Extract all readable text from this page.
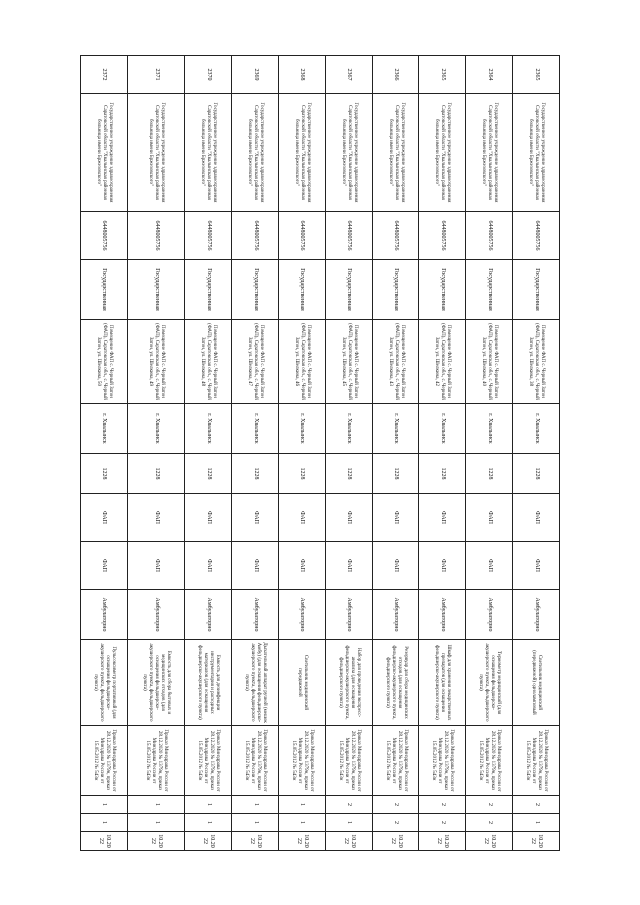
2365	Государственное учреждение здравоохранения Саратовской области "Хвалынская районная больница имени Бржезовского"	6448005756	Государственная	Помещение ФАП с. Черный Затон (ФАП), Саратовская обл., с. Черный Затон, ул. Шелкина, 38	г. Хвалынск	1228	ФАП	ФАП	Амбулаторно	Светильник медицинский (передвижной) одноламповый	Приказ Минздрава России от 28.12.2020 № 1379н, приказ Минздрава России от 15.05.2012 № 543н	2	1	10.2022
2364	Государственное учреждение здравоохранения Саратовской области "Хвалынская районная больница имени Бржезовского"	6448005756	Государственная	Помещение ФАП с. Черный Затон (ФАП), Саратовская обл., с. Черный Затон, ул. Шелкина, 40	г. Хвалынск	1228	ФАП	ФАП	Амбулаторно	Термометр медицинский (для оснащения фельдшерско-акушерского пункта, фельдшерского пункта)	Приказ Минздрава России от 28.12.2020 № 1379н, приказ Минздрава России от 15.05.2012 № 543н	2	2	10.2022
2365	Государственное учреждение здравоохранения Саратовской области "Хвалынская районная больница имени Бржезовского"	6448005756	Государственная	Помещение ФАП с. Черный Затон (ФАП), Саратовская обл., с. Черный Затон, ул. Шелкина, 42	г. Хвалынск	1228	ФАП	ФАП	Амбулаторно	Шкаф для хранения лекарственных препаратов (для оснащения фельдшерско-акушерского пункта)	Приказ Минздрава России от 28.12.2020 № 1379н, приказ Минздрава России от 15.05.2012 № 543н	2	2	10.2022
2366	Государственное учреждение здравоохранения Саратовской области "Хвалынская районная больница имени Бржезовского"	6448005756	Государственная	Помещение ФАП с. Черный Затон (ФАП), Саратовская обл., с. Черный Затон, ул. Шелкина, 43	г. Хвалынск	1228	ФАП	ФАП	Амбулаторно	Резервуар для сбора медицинских отходов (для оснащения фельдшерско-акушерского пункта, фельдшерского пункта)	Приказ Минздрава России от 28.12.2020 № 1379н, приказ Минздрава России от 15.05.2012 № 543н	2	2	10.2022
2367	Государственное учреждение здравоохранения Саратовской области "Хвалынская районная больница имени Бржезовского"	6448005756	Государственная	Помещение ФАП с. Черный Затон (ФАП), Саратовская обл., с. Черный Затон, ул. Шелкина, 45	г. Хвалынск	1228	ФАП	ФАП	Амбулаторно	Набор для проведения экспресс-анализа (для оснащения фельдшерско-акушерского пункта, фельдшерского пункта)	Приказ Минздрава России от 28.12.2020 № 1379н, приказ Минздрава России от 15.05.2012 № 543н	2	1	10.2022
2368	Государственное учреждение здравоохранения Саратовской области "Хвалынская районная больница имени Бржезовского"	6448005756	Государственная	Помещение ФАП с. Черный Затон (ФАП), Саратовская обл., с. Черный Затон, ул. Шелкина, 46	г. Хвалынск	1228	ФАП	ФАП	Амбулаторно	Светильник медицинский передвижной	Приказ Минздрава России от 28.12.2020 № 1379н, приказ Минздрава России от 15.05.2012 № 543н	1	1	10.2022
2369	Государственное учреждение здравоохранения Саратовской области "Хвалынская районная больница имени Бржезовского"	6448005756	Государственная	Помещение ФАП с. Черный Затон (ФАП), Саратовская обл., с. Черный Затон, ул. Шелкина, 47	г. Хвалынск	1228	ФАП	ФАП	Амбулаторно	Дыхательный аппарат ручной (мешок Амбу) (для оснащения фельдшерско-акушерского пункта, фельдшерского пункта)	Приказ Минздрава России от 28.12.2020 № 1379н, приказ Минздрава России от 15.05.2012 № 543н	1	1	10.2022
2370	Государственное учреждение здравоохранения Саратовской области "Хвалынская районная больница имени Бржезовского"	6448005756	Государственная	Помещение ФАП с. Черный Затон (ФАП), Саратовская обл., с. Черный Затон, ул. Шелкина, 48	г. Хвалынск	1228	ФАП	ФАП	Амбулаторно	Емкость для дезинфекции инструментария и расходных материалов (для оснащения фельдшерско-акушерского пункта)	Приказ Минздрава России от 28.12.2020 № 1379н, приказ Минздрава России от 15.05.2012 № 543н	1	1	10.2022
2371	Государственное учреждение здравоохранения Саратовской области "Хвалынская районная больница имени Бржезовского"	6448005756	Государственная	Помещение ФАП с. Черный Затон (ФАП), Саратовская обл., с. Черный Затон, ул. Шелкина, 49	г. Хвалынск	1228	ФАП	ФАП	Амбулаторно	Емкость для сбора бытовых и медицинских отходов (для оснащения фельдшерско-акушерского пункта, фельдшерского пункта)	Приказ Минздрава России от 28.12.2020 № 1379н, приказ Минздрава России от 15.05.2012 № 543н	1	1	10.2022
2372	Государственное учреждение здравоохранения Саратовской области "Хвалынская районная больница имени Бржезовского"	6448005756	Государственная	Помещение ФАП с. Черный Затон (ФАП), Саратовская обл., с. Черный Затон, ул. Шелкина, 50	г. Хвалынск	1228	ФАП	ФАП	Амбулаторно	Пульсоксиметр портативный (для оснащения фельдшерско-акушерского пункта, фельдшерского пункта)	Приказ Минздрава России от 28.12.2020 № 1379н, приказ Минздрава России от 15.05.2012 № 543н	1	1	10.2022
